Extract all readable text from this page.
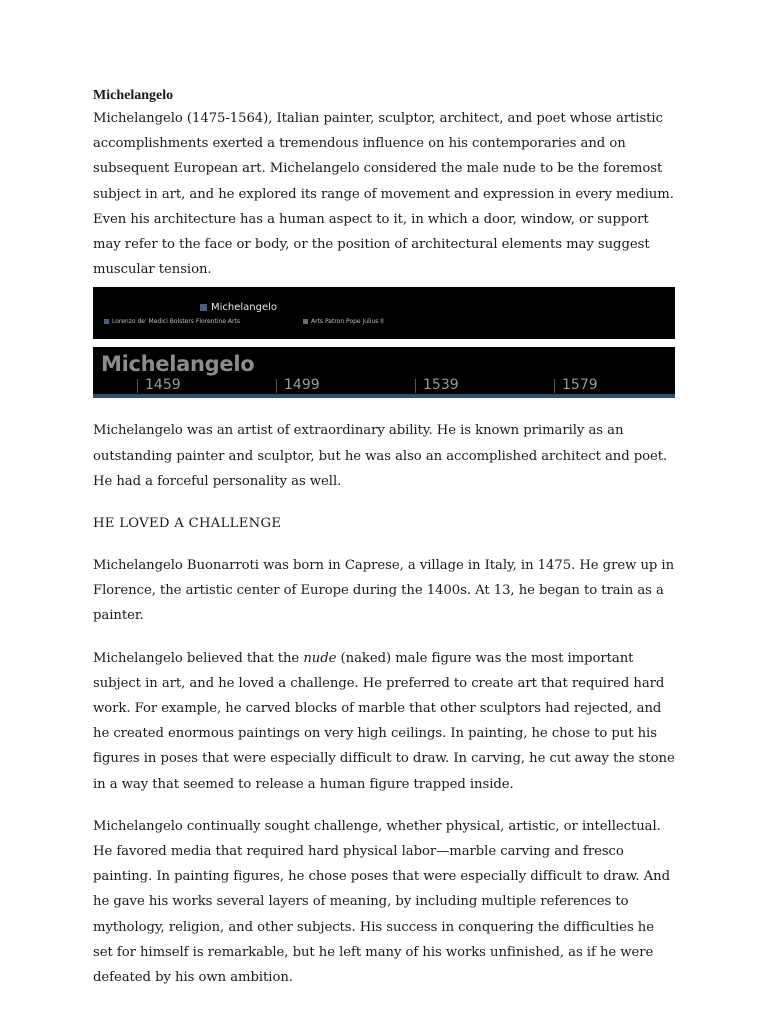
Michelangelo

Michelangelo (1475-1564), Italian painter, sculptor, architect, and poet whose artistic accomplishments exerted a tremendous influence on his contemporaries and on subsequent European art. Michelangelo considered the male nude to be the foremost subject in art, and he explored its range of movement and expression in every medium. Even his architecture has a human aspect to it, in which a door, window, or support may refer to the face or body, or the position of architectural elements may suggest muscular tension.

Michelangelo
Lorenzo de' Medici Bolsters Florentine Arts	Arts Patron Pope Julius II
Michelangelo
1459	1499	1539	1579

Michelangelo was an artist of extraordinary ability. He is known primarily as an outstanding painter and sculptor, but he was also an accomplished architect and poet. He had a forceful personality as well.

HE LOVED A CHALLENGE

Michelangelo Buonarroti was born in Caprese, a village in Italy, in 1475. He grew up in Florence, the artistic center of Europe during the 1400s. At 13, he began to train as a painter.

Michelangelo believed that the nude (naked) male figure was the most important subject in art, and he loved a challenge. He preferred to create art that required hard work. For example, he carved blocks of marble that other sculptors had rejected, and he created enormous paintings on very high ceilings. In painting, he chose to put his figures in poses that were especially difficult to draw. In carving, he cut away the stone in a way that seemed to release a human figure trapped inside.

Michelangelo continually sought challenge, whether physical, artistic, or intellectual. He favored media that required hard physical labor—marble carving and fresco painting. In painting figures, he chose poses that were especially difficult to draw. And he gave his works several layers of meaning, by including multiple references to mythology, religion, and other subjects. His success in conquering the difficulties he set for himself is remarkable, but he left many of his works unfinished, as if he were defeated by his own ambition.
